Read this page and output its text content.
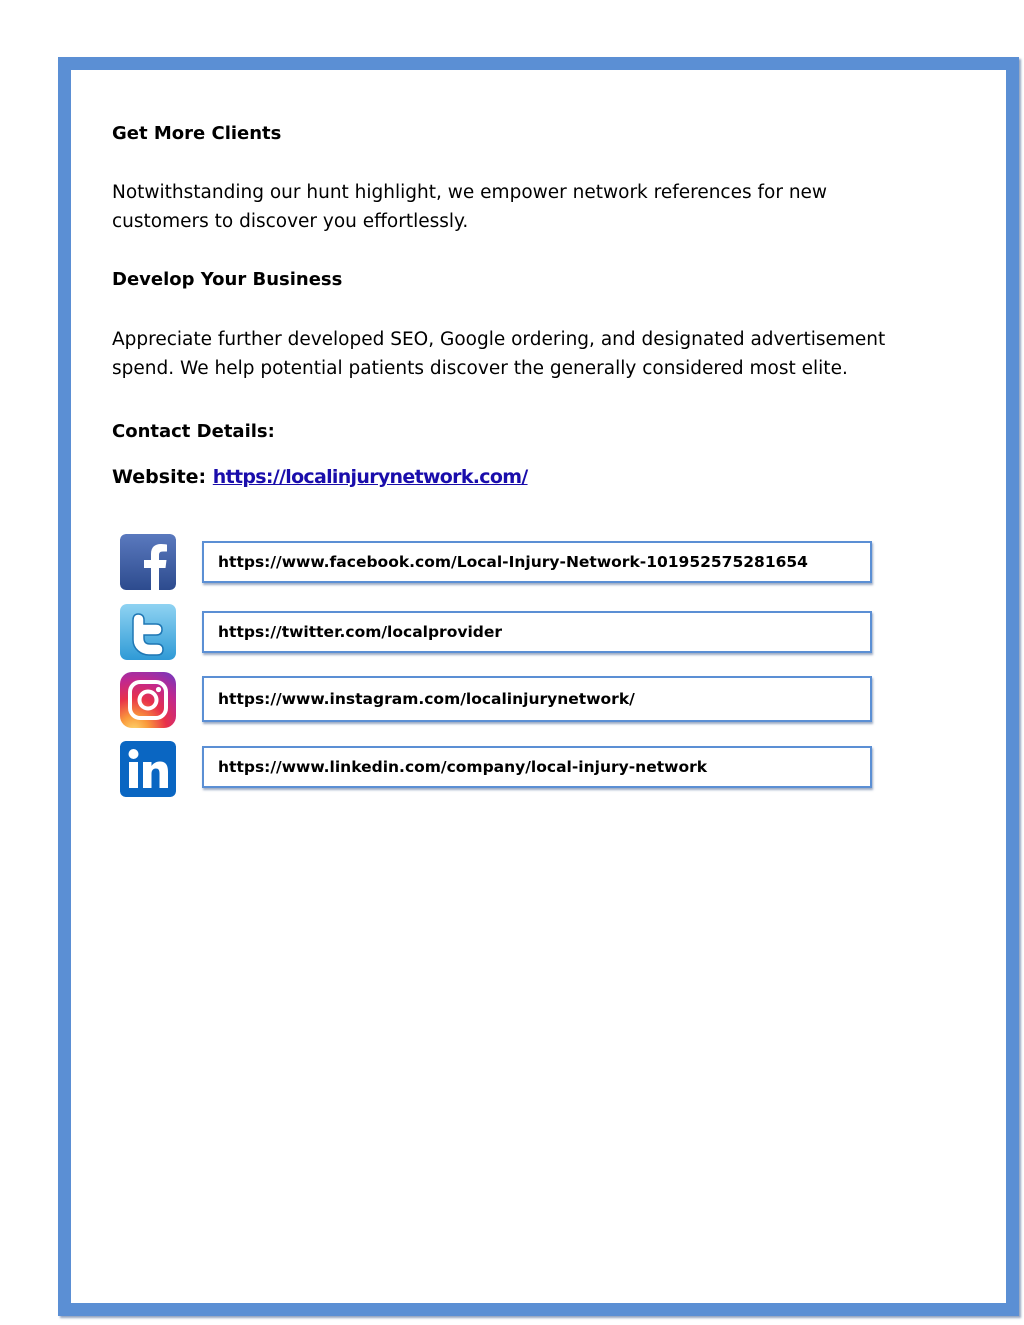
Get More Clients

Notwithstanding our hunt highlight, we empower network references for new customers to discover you effortlessly.

Develop Your Business

Appreciate further developed SEO, Google ordering, and designated advertisement spend. We help potential patients discover the generally considered most elite.

Contact Details:

Website: https://localinjurynetwork.com/

https://www.facebook.com/Local-Injury-Network-101952575281654
https://twitter.com/localprovider
https://www.instagram.com/localinjurynetwork/
https://www.linkedin.com/company/local-injury-network
